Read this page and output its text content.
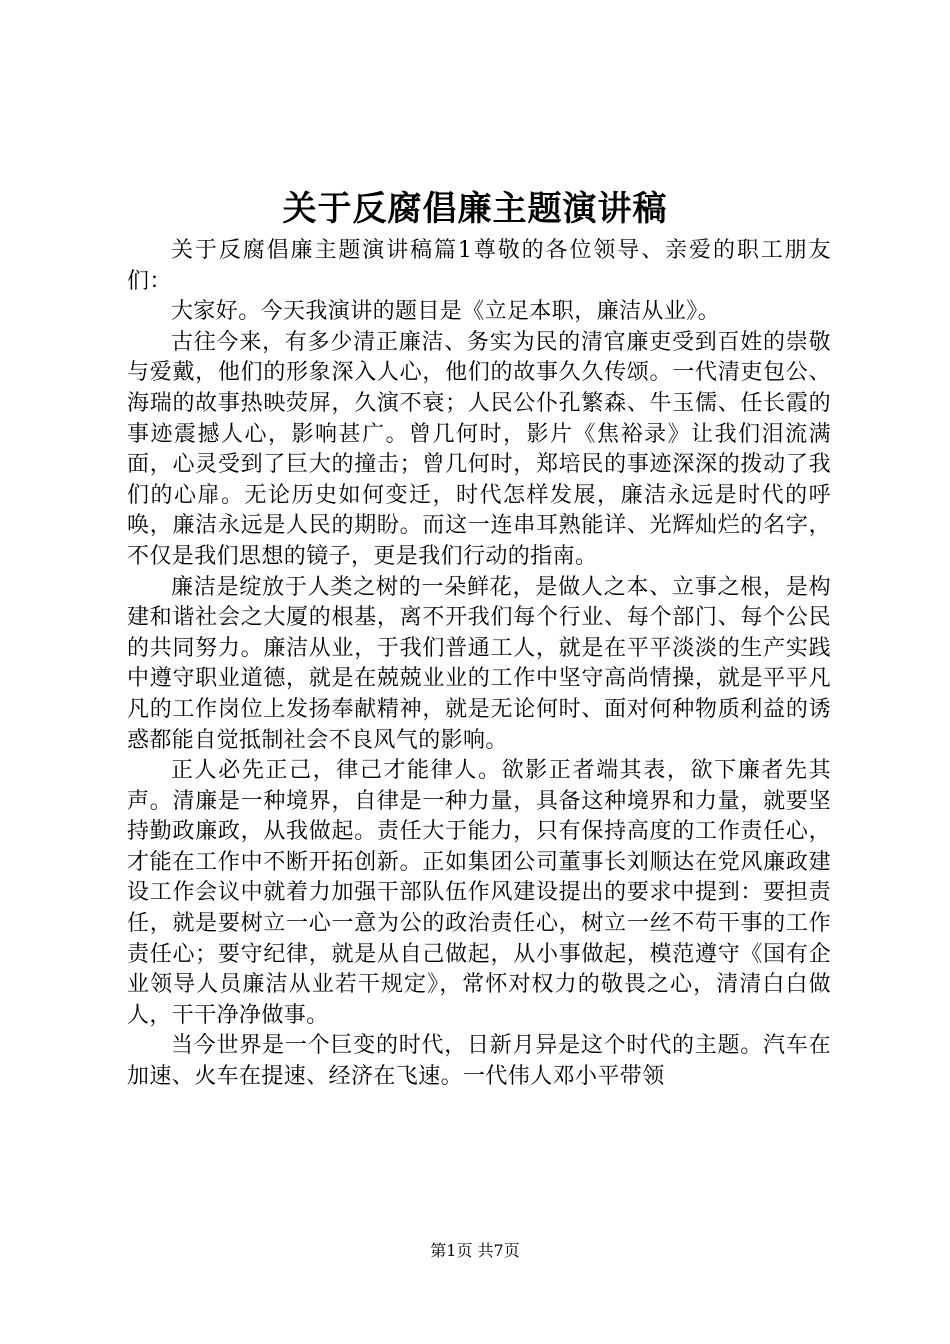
关于反腐倡廉主题演讲稿

关于反腐倡廉主题演讲稿篇1尊敬的各位领导、亲爱的职工朋友们：

大家好。今天我演讲的题目是《立足本职，廉洁从业》。

古往今来，有多少清正廉洁、务实为民的清官廉吏受到百姓的崇敬与爱戴，他们的形象深入人心，他们的故事久久传颂。一代清吏包公、海瑞的故事热映荧屏，久演不衰；人民公仆孔繁森、牛玉儒、任长霞的事迹震撼人心，影响甚广。曾几何时，影片《焦裕录》让我们泪流满面，心灵受到了巨大的撞击；曾几何时，郑培民的事迹深深的拨动了我们的心扉。无论历史如何变迁，时代怎样发展，廉洁永远是时代的呼唤，廉洁永远是人民的期盼。而这一连串耳熟能详、光辉灿烂的名字，不仅是我们思想的镜子，更是我们行动的指南。

廉洁是绽放于人类之树的一朵鲜花，是做人之本、立事之根，是构建和谐社会之大厦的根基，离不开我们每个行业、每个部门、每个公民的共同努力。廉洁从业，于我们普通工人，就是在平平淡淡的生产实践中遵守职业道德，就是在兢兢业业的工作中坚守高尚情操，就是平平凡凡的工作岗位上发扬奉献精神，就是无论何时、面对何种物质利益的诱惑都能自觉抵制社会不良风气的影响。

正人必先正己，律己才能律人。欲影正者端其表，欲下廉者先其声。清廉是一种境界，自律是一种力量，具备这种境界和力量，就要坚持勤政廉政，从我做起。责任大于能力，只有保持高度的工作责任心，才能在工作中不断开拓创新。正如集团公司董事长刘顺达在党风廉政建设工作会议中就着力加强干部队伍作风建设提出的要求中提到：要担责任，就是要树立一心一意为公的政治责任心，树立一丝不苟干事的工作责任心；要守纪律，就是从自己做起，从小事做起，模范遵守《国有企业领导人员廉洁从业若干规定》，常怀对权力的敬畏之心，清清白白做人，干干净净做事。

当今世界是一个巨变的时代，日新月异是这个时代的主题。汽车在加速、火车在提速、经济在飞速。一代伟人邓小平带领

第1页 共7页
